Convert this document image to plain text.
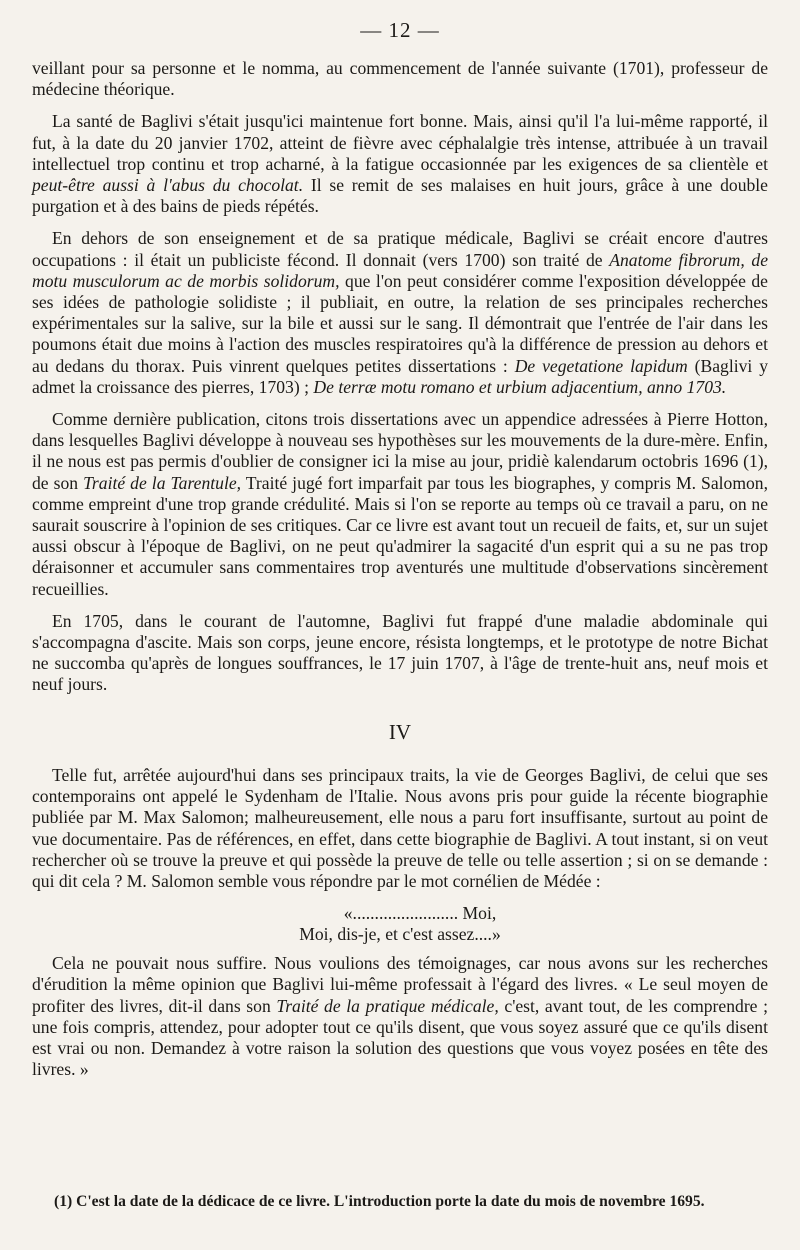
— 12 —

veillant pour sa personne et le nomma, au commencement de l'année suivante (1701), professeur de médecine théorique.

La santé de Baglivi s'était jusqu'ici maintenue fort bonne. Mais, ainsi qu'il l'a lui-même rapporté, il fut, à la date du 20 janvier 1702, atteint de fièvre avec céphalalgie très intense, attribuée à un travail intellectuel trop continu et trop acharné, à la fatigue occasionnée par les exigences de sa clientèle et peut-être aussi à l'abus du chocolat. Il se remit de ses malaises en huit jours, grâce à une double purgation et à des bains de pieds répétés.

En dehors de son enseignement et de sa pratique médicale, Baglivi se créait encore d'autres occupations : il était un publiciste fécond. Il donnait (vers 1700) son traité de Anatome fibrorum, de motu musculorum ac de morbis solidorum, que l'on peut considérer comme l'exposition développée de ses idées de pathologie solidiste ; il publiait, en outre, la relation de ses principales recherches expérimentales sur la salive, sur la bile et aussi sur le sang. Il démontrait que l'entrée de l'air dans les poumons était due moins à l'action des muscles respiratoires qu'à la différence de pression au dehors et au dedans du thorax. Puis vinrent quelques petites dissertations : De vegetatione lapidum (Baglivi y admet la croissance des pierres, 1703) ; De terræ motu romano et urbium adjacentium, anno 1703.

Comme dernière publication, citons trois dissertations avec un appendice adressées à Pierre Hotton, dans lesquelles Baglivi développe à nouveau ses hypothèses sur les mouvements de la dure-mère. Enfin, il ne nous est pas permis d'oublier de consigner ici la mise au jour, pridiè kalendarum octobris 1696 (1), de son Traité de la Tarentule, Traité jugé fort imparfait par tous les biographes, y compris M. Salomon, comme empreint d'une trop grande crédulité. Mais si l'on se reporte au temps où ce travail a paru, on ne saurait souscrire à l'opinion de ses critiques. Car ce livre est avant tout un recueil de faits, et, sur un sujet aussi obscur à l'époque de Baglivi, on ne peut qu'admirer la sagacité d'un esprit qui a su ne pas trop déraisonner et accumuler sans commentaires trop aventurés une multitude d'observations sincèrement recueillies.

En 1705, dans le courant de l'automne, Baglivi fut frappé d'une maladie abdominale qui s'accompagna d'ascite. Mais son corps, jeune encore, résista longtemps, et le prototype de notre Bichat ne succomba qu'après de longues souffrances, le 17 juin 1707, à l'âge de trente-huit ans, neuf mois et neuf jours.

IV

Telle fut, arrêtée aujourd'hui dans ses principaux traits, la vie de Georges Baglivi, de celui que ses contemporains ont appelé le Sydenham de l'Italie. Nous avons pris pour guide la récente biographie publiée par M. Max Salomon; malheureusement, elle nous a paru fort insuffisante, surtout au point de vue documentaire. Pas de références, en effet, dans cette biographie de Baglivi. A tout instant, si on veut rechercher où se trouve la preuve et qui possède la preuve de telle ou telle assertion ; si on se demande : qui dit cela ? M. Salomon semble vous répondre par le mot cornélien de Médée :

«........................ Moi,
Moi, dis-je, et c'est assez....»

Cela ne pouvait nous suffire. Nous voulions des témoignages, car nous avons sur les recherches d'érudition la même opinion que Baglivi lui-même professait à l'égard des livres. « Le seul moyen de profiter des livres, dit-il dans son Traité de la pratique médicale, c'est, avant tout, de les comprendre ; une fois compris, attendez, pour adopter tout ce qu'ils disent, que vous soyez assuré que ce qu'ils disent est vrai ou non. Demandez à votre raison la solution des questions que vous voyez posées en tête des livres. »

(1) C'est la date de la dédicace de ce livre. L'introduction porte la date du mois de novembre 1695.
